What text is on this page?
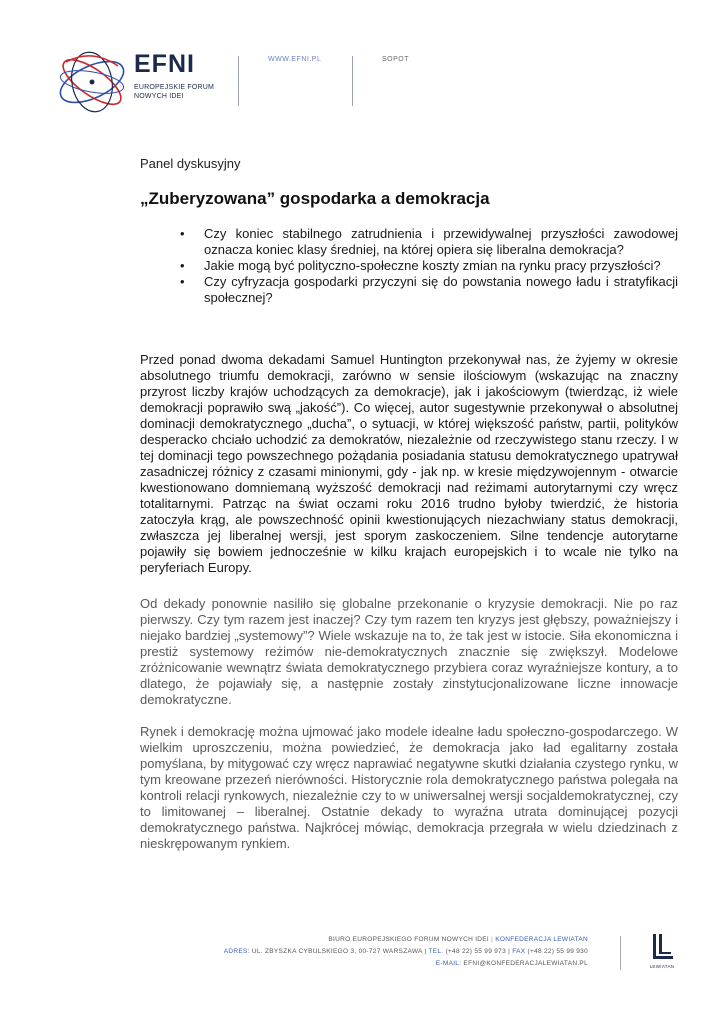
EFNI
EUROPEJSKIE FORUM
NOWYCH IDEI
WWW.EFNI.PL	SOPOT
Panel dyskusyjny
„Zuberyzowana” gospodarka a demokracja
• Czy koniec stabilnego zatrudnienia i przewidywalnej przyszłości zawodowej oznacza koniec klasy średniej, na której opiera się liberalna demokracja?
• Jakie mogą być polityczno-społeczne koszty zmian na rynku pracy przyszłości?
• Czy cyfryzacja gospodarki przyczyni się do powstania nowego ładu i stratyfikacji społecznej?

Przed ponad dwoma dekadami Samuel Huntington przekonywał nas, że żyjemy w okresie absolutnego triumfu demokracji, zarówno w sensie ilościowym (wskazując na znaczny przyrost liczby krajów uchodzących za demokracje), jak i jakościowym (twierdząc, iż wiele demokracji poprawiło swą „jakość”). Co więcej, autor sugestywnie przekonywał o absolutnej dominacji demokratycznego „ducha”, o sytuacji, w której większość państw, partii, polityków desperacko chciało uchodzić za demokratów, niezależnie od rzeczywistego stanu rzeczy. I w tej dominacji tego powszechnego pożądania posiadania statusu demokratycznego upatrywał zasadniczej różnicy z czasami minionymi, gdy - jak np. w kresie międzywojennym - otwarcie kwestionowano domniemaną wyższość demokracji nad reżimami autorytarnymi czy wręcz totalitarnymi. Patrząc na świat oczami roku 2016 trudno byłoby twierdzić, że historia zatoczyła krąg, ale powszechność opinii kwestionujących niezachwiany status demokracji, zwłaszcza jej liberalnej wersji, jest sporym zaskoczeniem. Silne tendencje autorytarne pojawiły się bowiem jednocześnie w kilku krajach europejskich i to wcale nie tylko na peryferiach Europy.

Od dekady ponownie nasiliło się globalne przekonanie o kryzysie demokracji. Nie po raz pierwszy. Czy tym razem jest inaczej? Czy tym razem ten kryzys jest głębszy, poważniejszy i niejako bardziej „systemowy”? Wiele wskazuje na to, że tak jest w istocie. Siła ekonomiczna i prestiż systemowy reżimów nie-demokratycznych znacznie się zwiększył. Modelowe zróżnicowanie wewnątrz świata demokratycznego przybiera coraz wyraźniejsze kontury, a to dlatego, że pojawiały się, a następnie zostały zinstytucjonalizowane liczne innowacje demokratyczne.

Rynek i demokrację można ujmować jako modele idealne ładu społeczno-gospodarczego. W wielkim uproszczeniu, można powiedzieć, że demokracja jako ład egalitarny została pomyślana, by mitygować czy wręcz naprawiać negatywne skutki działania czystego rynku, w tym kreowane przezeń nierówności. Historycznie rola demokratycznego państwa polegała na kontroli relacji rynkowych, niezależnie czy to w uniwersalnej wersji socjaldemokratycznej, czy to limitowanej – liberalnej. Ostatnie dekady to wyraźna utrata dominującej pozycji demokratycznego państwa. Najkrócej mówiąc, demokracja przegrała w wielu dziedzinach z nieskrępowanym rynkiem.

BIURO EUROPEJSKIEGO FORUM NOWYCH IDEI | KONFEDERACJA LEWIATAN
ADRES: UL. ZBYSZKA CYBULSKIEGO 3, 00-727 WARSZAWA | TEL. (+48 22) 55 99 973 | FAX (+48 22) 55 99 930
E-MAIL: EFNI@KONFEDERACJALEWIATAN.PL	LEWIATAN
